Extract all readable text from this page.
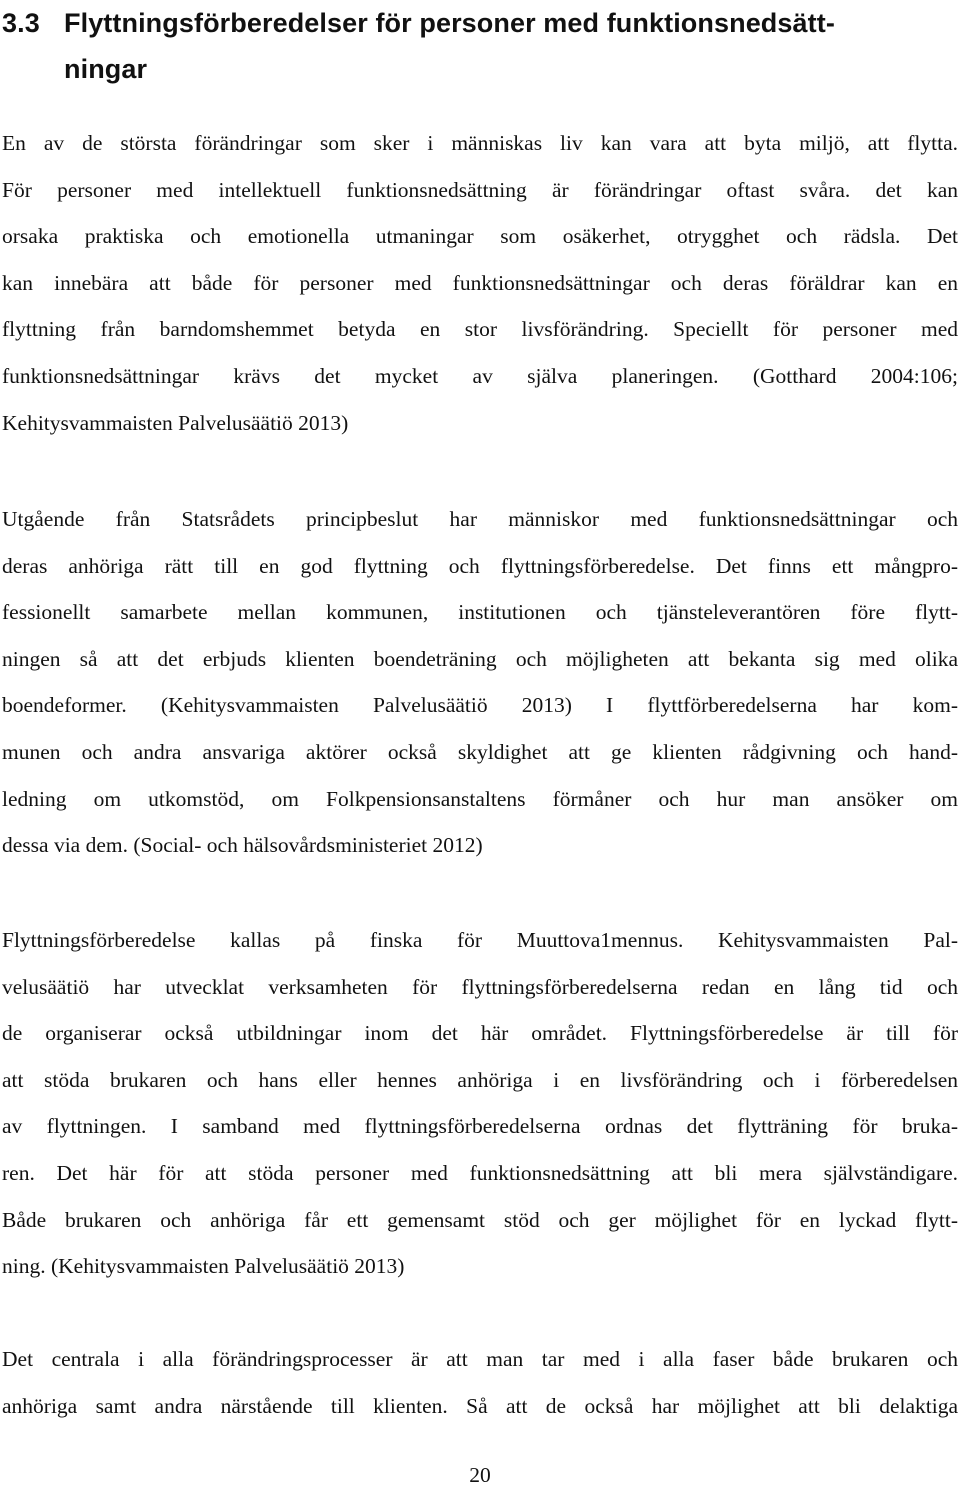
3.3 Flyttningsförberedelser för personer med funktionsnedsätt-
ningar

En av de största förändringar som sker i människas liv kan vara att byta miljö, att flytta.
För personer med intellektuell funktionsnedsättning är förändringar oftast svåra. det kan
orsaka praktiska och emotionella utmaningar som osäkerhet, otrygghet och rädsla. Det
kan innebära att både för personer med funktionsnedsättningar och deras föräldrar kan en
flyttning från barndomshemmet betyda en stor livsförändring. Speciellt för personer med
funktionsnedsättningar krävs det mycket av själva planeringen. (Gotthard 2004:106;
Kehitysvammaisten Palvelusäätiö 2013)

Utgående från Statsrådets principbeslut har människor med funktionsnedsättningar och
deras anhöriga rätt till en god flyttning och flyttningsförberedelse. Det finns ett mångpro-
fessionellt samarbete mellan kommunen, institutionen och tjänsteleverantören före flytt-
ningen så att det erbjuds klienten boendeträning och möjligheten att bekanta sig med olika
boendeformer. (Kehitysvammaisten Palvelusäätiö 2013) I flyttförberedelserna har kom-
munen och andra ansvariga aktörer också skyldighet att ge klienten rådgivning och hand-
ledning om utkomstöd, om Folkpensionsanstaltens förmåner och hur man ansöker om
dessa via dem. (Social- och hälsovårdsministeriet 2012)

Flyttningsförberedelse kallas på finska för Muuttova1mennus. Kehitysvammaisten Pal-
velusäätiö har utvecklat verksamheten för flyttningsförberedelserna redan en lång tid och
de organiserar också utbildningar inom det här området. Flyttningsförberedelse är till för
att stöda brukaren och hans eller hennes anhöriga i en livsförändring och i förberedelsen
av flyttningen. I samband med flyttningsförberedelserna ordnas det flytträning för bruka-
ren. Det här för att stöda personer med funktionsnedsättning att bli mera självständigare.
Både brukaren och anhöriga får ett gemensamt stöd och ger möjlighet för en lyckad flytt-
ning. (Kehitysvammaisten Palvelusäätiö 2013)

Det centrala i alla förändringsprocesser är att man tar med i alla faser både brukaren och
anhöriga samt andra närstående till klienten. Så att de också har möjlighet att bli delaktiga

20
